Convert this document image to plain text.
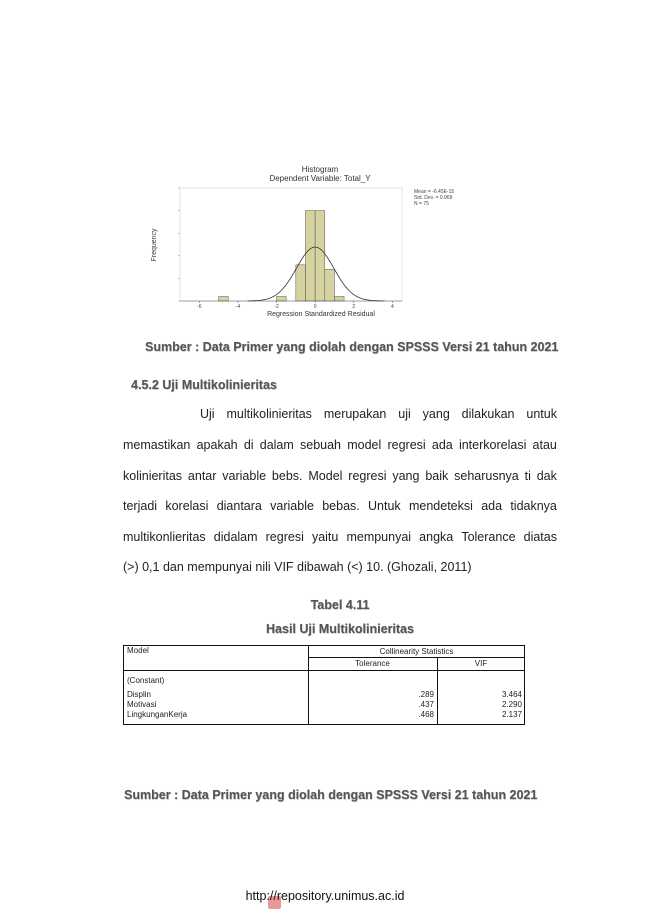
Histogram
Dependent Variable: Total_Y
-6	-4	-2	0	2	4
Regression Standardized Residual
Frequency
Mean = -6.45E-15
Std. Dev. = 0.969
N = 75
Sumber : Data Primer yang diolah dengan SPSSS Versi 21 tahun 2021
4.5.2 Uji Multikolinieritas
Uji multikolinieritas merupakan uji yang dilakukan untuk
memastikan apakah di dalam sebuah model regresi ada interkorelasi atau
kolinieritas antar variable bebs. Model regresi yang baik seharusnya ti dak
terjadi korelasi diantara variable bebas. Untuk mendeteksi ada tidaknya
multikonlieritas didalam regresi yaitu mempunyai angka Tolerance diatas
(>) 0,1 dan mempunyai nili VIF dibawah (<) 10. (Ghozali, 2011)
Tabel 4.11
Hasil Uji Multikolinieritas
Model	Collinearity Statistics
Tolerance	VIF
(Constant)
Displin	.289	3.464
Motivasi	.437	2.290
LingkunganKerja	.468	2.137
Sumber : Data Primer yang diolah dengan SPSSS Versi 21 tahun 2021
http://repository.unimus.ac.id
